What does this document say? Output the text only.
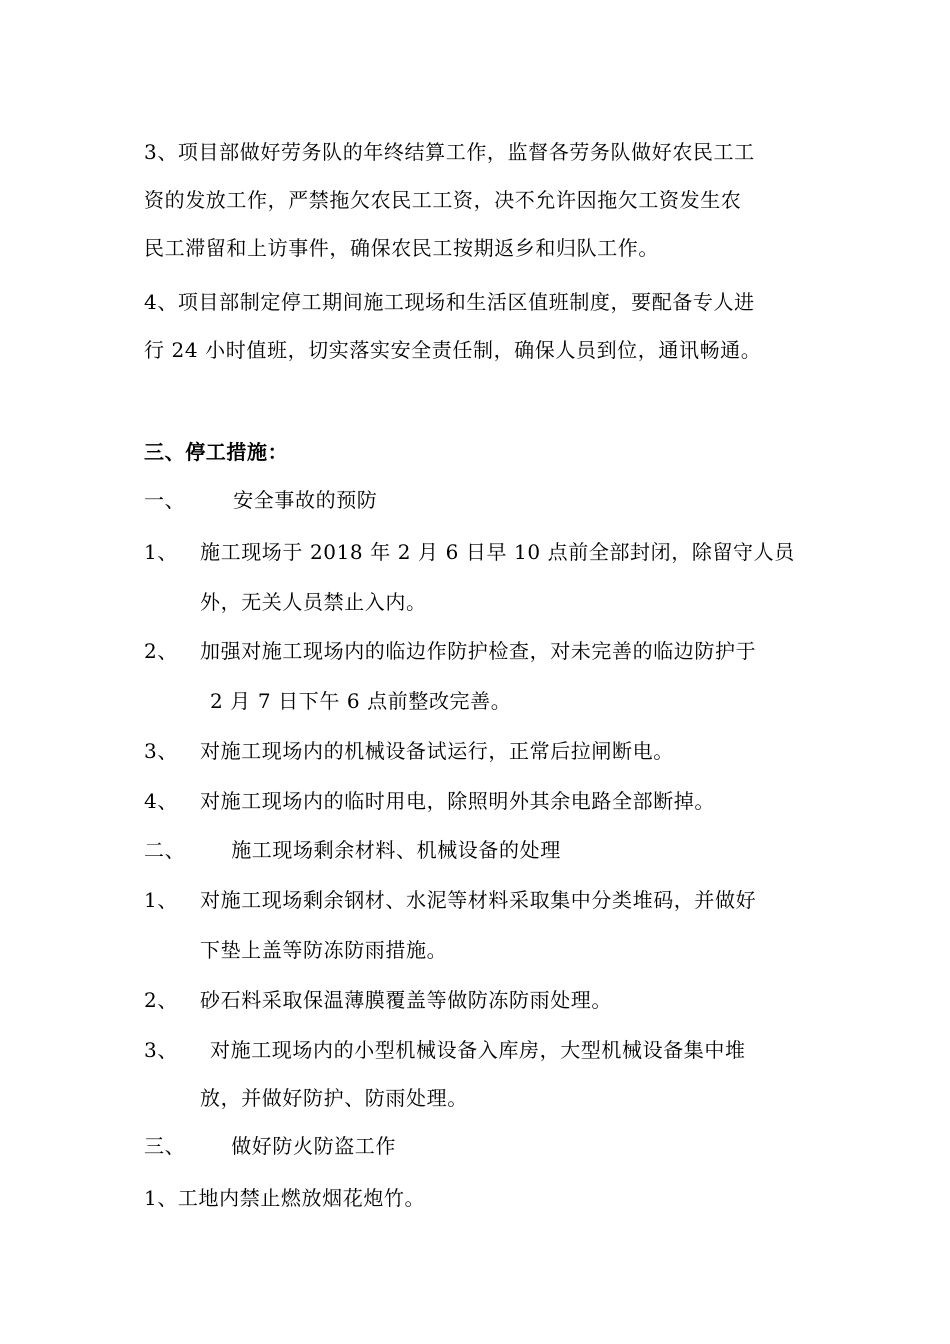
3、项目部做好劳务队的年终结算工作，监督各劳务队做好农民工工
资的发放工作，严禁拖欠农民工工资，决不允许因拖欠工资发生农
民工滞留和上访事件，确保农民工按期返乡和归队工作。
4、项目部制定停工期间施工现场和生活区值班制度，要配备专人进
行 24 小时值班，切实落实安全责任制，确保人员到位，通讯畅通。
三、停工措施：
一、 安全事故的预防
1、 施工现场于 2018 年 2 月 6 日早 10 点前全部封闭，除留守人员
外，无关人员禁止入内。
2、 加强对施工现场内的临边作防护检查，对未完善的临边防护于
2 月 7 日下午 6 点前整改完善。
3、 对施工现场内的机械设备试运行，正常后拉闸断电。
4、 对施工现场内的临时用电，除照明外其余电路全部断掉。
二、 施工现场剩余材料、机械设备的处理
1、 对施工现场剩余钢材、水泥等材料采取集中分类堆码，并做好
下垫上盖等防冻防雨措施。
2、 砂石料采取保温薄膜覆盖等做防冻防雨处理。
3、 对施工现场内的小型机械设备入库房，大型机械设备集中堆
放，并做好防护、防雨处理。
三、 做好防火防盗工作
1、工地内禁止燃放烟花炮竹。
